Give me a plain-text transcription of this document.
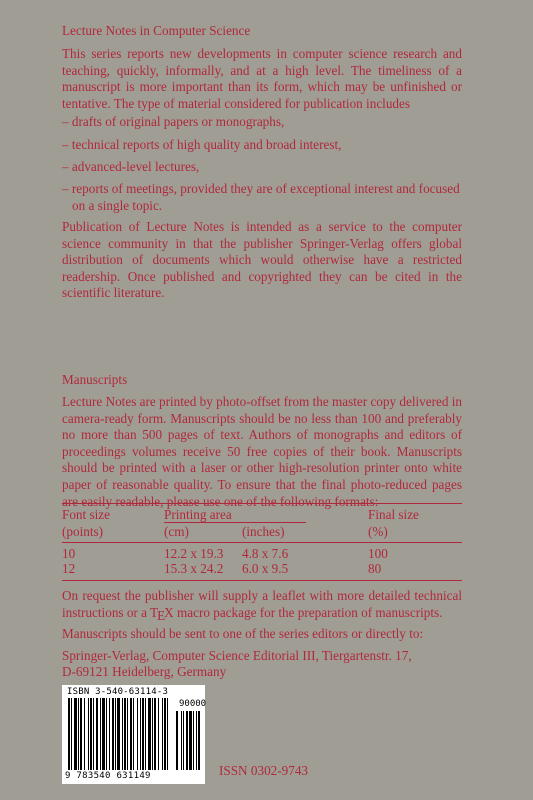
Lecture Notes in Computer Science

This series reports new developments in computer science research and teaching, quickly, informally, and at a high level. The timeliness of a manuscript is more important than its form, which may be unfinished or tentative. The type of material considered for publication includes

– drafts of original papers or monographs,

– technical reports of high quality and broad interest,

– advanced-level lectures,

– reports of meetings, provided they are of exceptional interest and focused
on a single topic.

Publication of Lecture Notes is intended as a service to the computer science community in that the publisher Springer-Verlag offers global distribution of documents which would otherwise have a restricted readership. Once published and copyrighted they can be cited in the scientific literature.

Manuscripts

Lecture Notes are printed by photo-offset from the master copy delivered in camera-ready form. Manuscripts should be no less than 100 and preferably no more than 500 pages of text. Authors of monographs and editors of proceedings volumes receive 50 free copies of their book. Manuscripts should be printed with a laser or other high-resolution printer onto white paper of reasonable quality. To ensure that the final photo-reduced pages are easily readable, please use one of the following formats:

Font size	Printing area	Final size
(points)	(cm)	(inches)	(%)
10	12.2 x 19.3 4.8 x 7.6	100
12	15.3 x 24.2 6.0 x 9.5	80

On request the publisher will supply a leaflet with more detailed technical instructions or a TEX macro package for the preparation of manuscripts.

Manuscripts should be sent to one of the series editors or directly to:

Springer-Verlag, Computer Science Editorial III, Tiergartenstr. 17,

D-69121 Heidelberg, Germany

ISBN 3-540-63114-3
90000
9 783540 631149	ISSN 0302-9743
